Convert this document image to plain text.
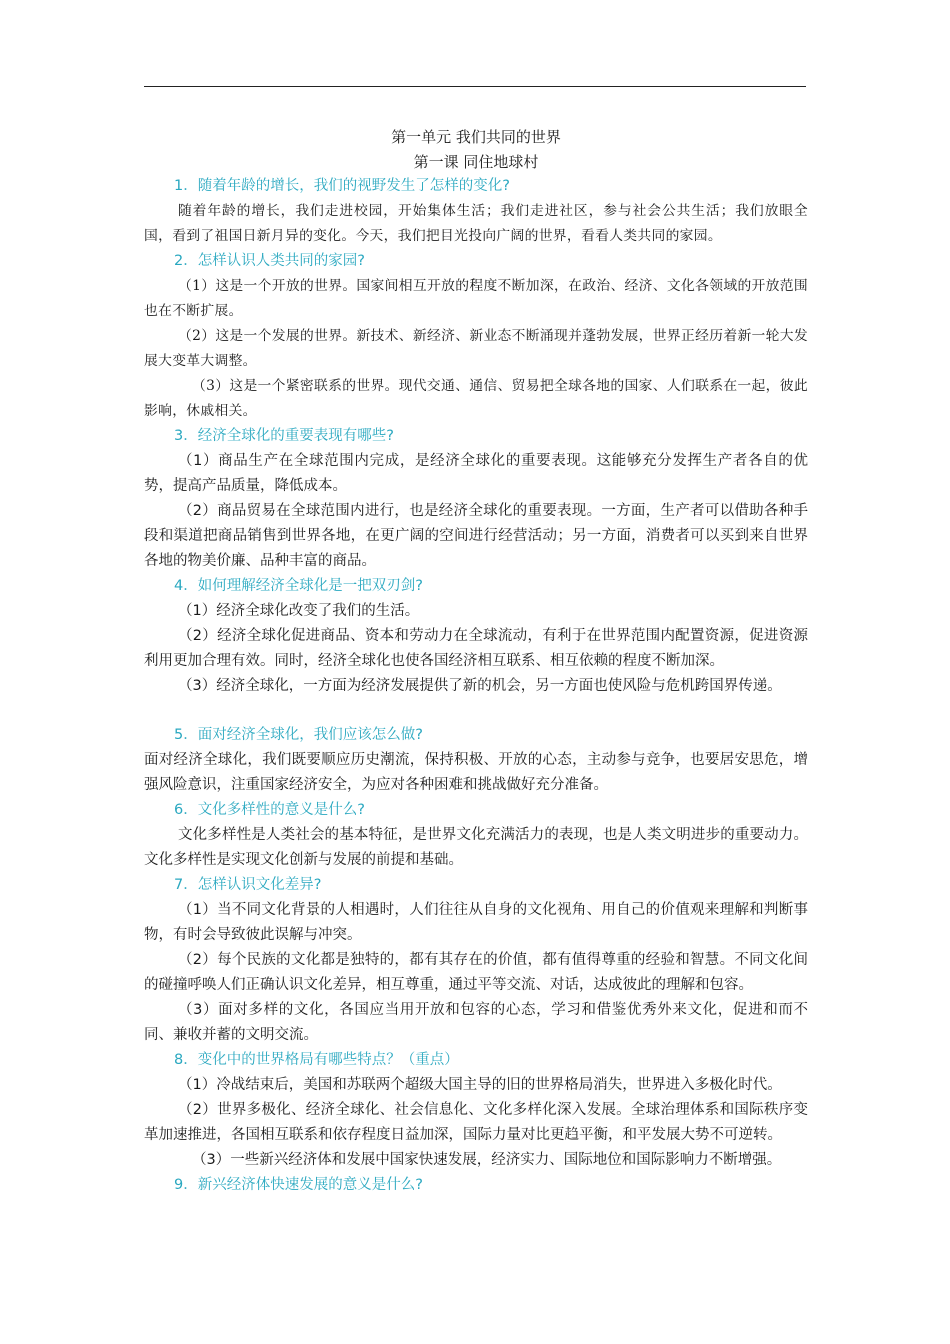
第一单元 我们共同的世界
第一课 同住地球村
1．随着年龄的增长，我们的视野发生了怎样的变化?

随着年龄的增长，我们走进校园，开始集体生活；我们走进社区，参与社会公共生活；我们放眼全国，看到了祖国日新月异的变化。今天，我们把目光投向广阔的世界，看看人类共同的家园。

2．怎样认识人类共同的家园?

（1）这是一个开放的世界。国家间相互开放的程度不断加深，在政治、经济、文化各领域的开放范围也在不断扩展。

（2）这是一个发展的世界。新技术、新经济、新业态不断涌现并蓬勃发展，世界正经历着新一轮大发展大变革大调整。

（3）这是一个紧密联系的世界。现代交通、通信、贸易把全球各地的国家、人们联系在一起，彼此影响，休戚相关。

3．经济全球化的重要表现有哪些?

（1）商品生产在全球范围内完成，是经济全球化的重要表现。这能够充分发挥生产者各自的优势，提高产品质量，降低成本。

（2）商品贸易在全球范围内进行，也是经济全球化的重要表现。一方面，生产者可以借助各种手段和渠道把商品销售到世界各地，在更广阔的空间进行经营活动；另一方面，消费者可以买到来自世界各地的物美价廉、品种丰富的商品。

4．如何理解经济全球化是一把双刃剑?

（1）经济全球化改变了我们的生活。

（2）经济全球化促进商品、资本和劳动力在全球流动，有利于在世界范围内配置资源，促进资源利用更加合理有效。同时，经济全球化也使各国经济相互联系、相互依赖的程度不断加深。

（3）经济全球化，一方面为经济发展提供了新的机会，另一方面也使风险与危机跨国界传递。

5．面对经济全球化，我们应该怎么做?

面对经济全球化，我们既要顺应历史潮流，保持积极、开放的心态，主动参与竞争，也要居安思危，增强风险意识，注重国家经济安全，为应对各种困难和挑战做好充分准备。

6．文化多样性的意义是什么?

文化多样性是人类社会的基本特征，是世界文化充满活力的表现，也是人类文明进步的重要动力。文化多样性是实现文化创新与发展的前提和基础。

7．怎样认识文化差异?

（1）当不同文化背景的人相遇时，人们往往从自身的文化视角、用自己的价值观来理解和判断事物，有时会导致彼此误解与冲突。

（2）每个民族的文化都是独特的，都有其存在的价值，都有值得尊重的经验和智慧。不同文化间的碰撞呼唤人们正确认识文化差异，相互尊重，通过平等交流、对话，达成彼此的理解和包容。

（3）面对多样的文化，各国应当用开放和包容的心态，学习和借鉴优秀外来文化，促进和而不同、兼收并蓄的文明交流。

8．变化中的世界格局有哪些特点？（重点）

（1）冷战结束后，美国和苏联两个超级大国主导的旧的世界格局消失，世界进入多极化时代。

（2）世界多极化、经济全球化、社会信息化、文化多样化深入发展。全球治理体系和国际秩序变革加速推进，各国相互联系和依存程度日益加深，国际力量对比更趋平衡，和平发展大势不可逆转。

（3）一些新兴经济体和发展中国家快速发展，经济实力、国际地位和国际影响力不断增强。

9．新兴经济体快速发展的意义是什么?
